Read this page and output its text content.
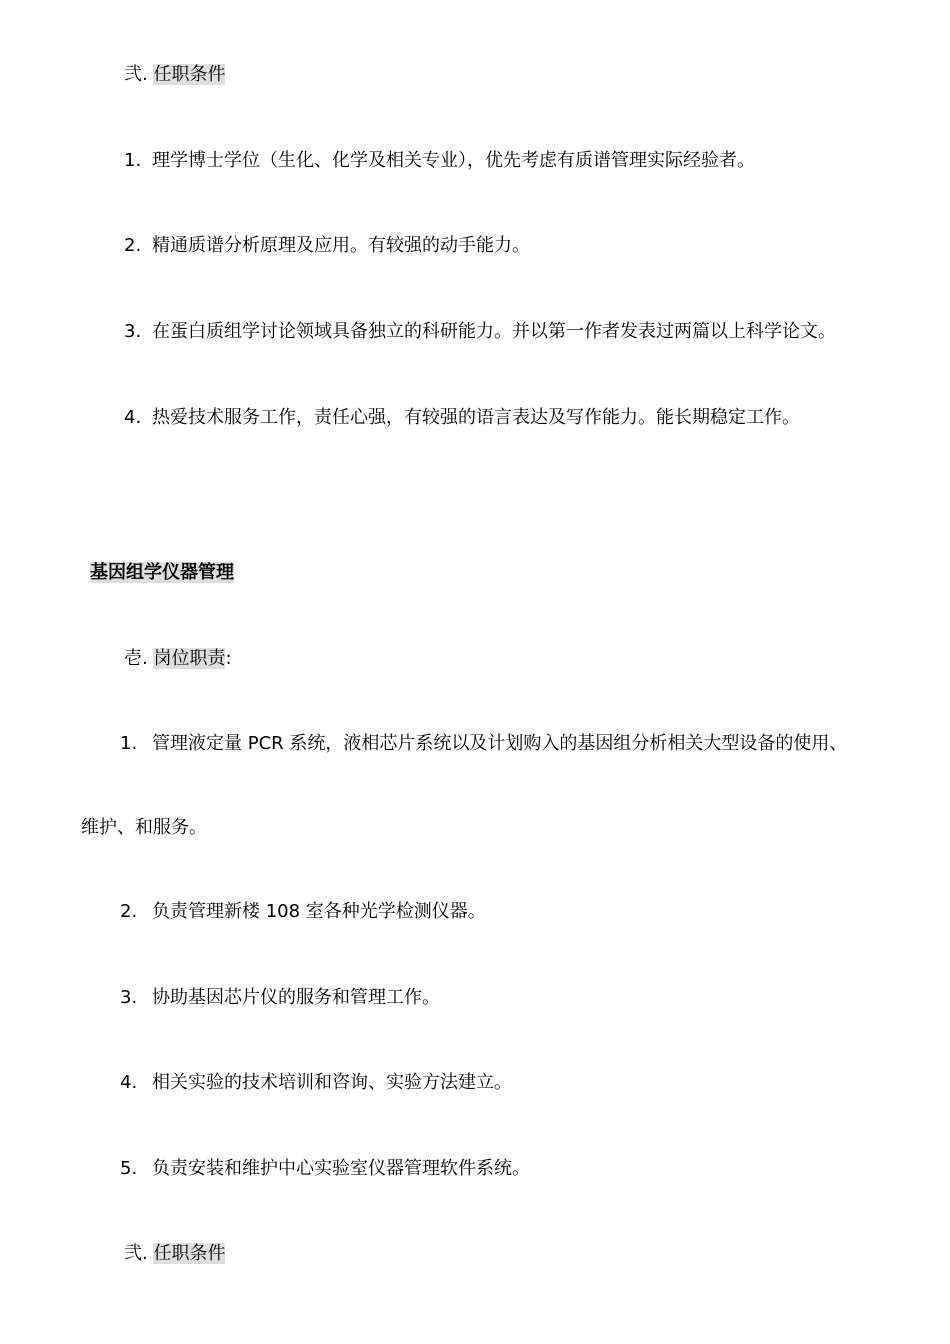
弐. 任职条件
1. 理学博士学位（生化、化学及相关专业），优先考虑有质谱管理实际经验者。
2. 精通质谱分析原理及应用。有较强的动手能力。
3. 在蛋白质组学讨论领域具备独立的科研能力。并以第一作者发表过两篇以上科学论文。
4. 热爱技术服务工作，责任心强，有较强的语言表达及写作能力。能长期稳定工作。
基因组学仪器管理
壱. 岗位职责:
1. 管理液定量 PCR 系统，液相芯片系统以及计划购入的基因组分析相关大型设备的使用、
维护、和服务。
2. 负责管理新楼 108 室各种光学检测仪器。
3. 协助基因芯片仪的服务和管理工作。
4. 相关实验的技术培训和咨询、实验方法建立。
5. 负责安装和维护中心实验室仪器管理软件系统。
弐. 任职条件
